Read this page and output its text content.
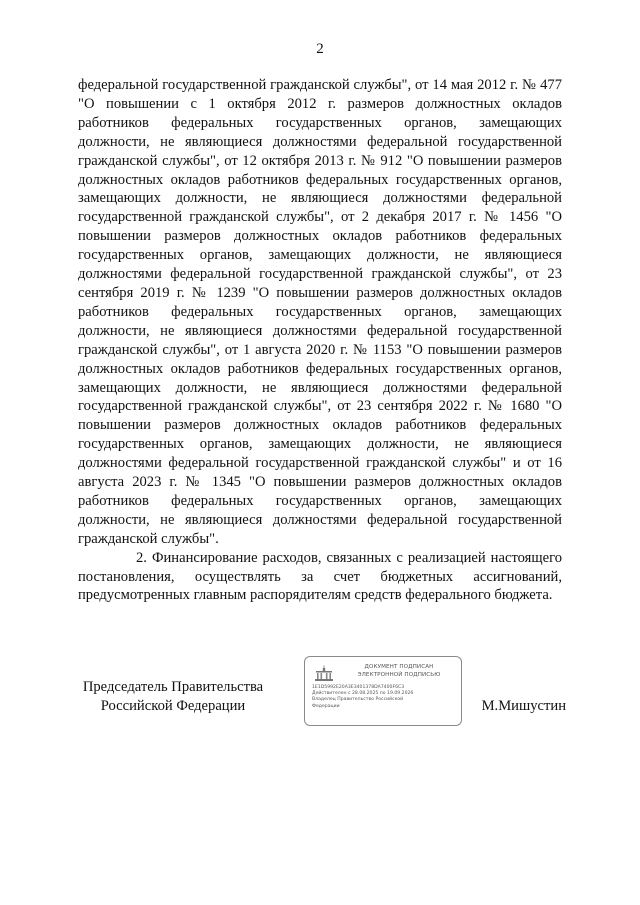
2

федеральной государственной гражданской службы", от 14 мая 2012 г. № 477 "О повышении с 1 октября 2012 г. размеров должностных окладов работников федеральных государственных органов, замещающих должности, не являющиеся должностями федеральной государственной гражданской службы", от 12 октября 2013 г. № 912 "О повышении размеров должностных окладов работников федеральных государственных органов, замещающих должности, не являющиеся должностями федеральной государственной гражданской службы", от 2 декабря 2017 г. № 1456 "О повышении размеров должностных окладов работников федеральных государственных органов, замещающих должности, не являющиеся должностями федеральной государственной гражданской службы", от 23 сентября 2019 г. № 1239 "О повышении размеров должностных окладов работников федеральных государственных органов, замещающих должности, не являющиеся должностями федеральной государственной гражданской службы", от 1 августа 2020 г. № 1153 "О повышении размеров должностных окладов работников федеральных государственных органов, замещающих должности, не являющиеся должностями федеральной государственной гражданской службы", от 23 сентября 2022 г. № 1680 "О повышении размеров должностных окладов работников федеральных государственных органов, замещающих должности, не являющиеся должностями федеральной государственной гражданской службы" и от 16 августа 2023 г. № 1345 "О повышении размеров должностных окладов работников федеральных государственных органов, замещающих должности, не являющиеся должностями федеральной государственной гражданской службы".

2. Финансирование расходов, связанных с реализацией настоящего постановления, осуществлять за счет бюджетных ассигнований, предусмотренных главным распорядителям средств федерального бюджета.

Председатель Правительства
Российской Федерации
ДОКУМЕНТ ПОДПИСАН
ЭЛЕКТРОННОЙ ПОДПИСЬЮ
1E1D5992E20A3E3401378DA7400F6C3
Действителен с 28.08.2025 по 19.09.2026
Владелец Правительство Российской
Федерации	М.Мишустин
